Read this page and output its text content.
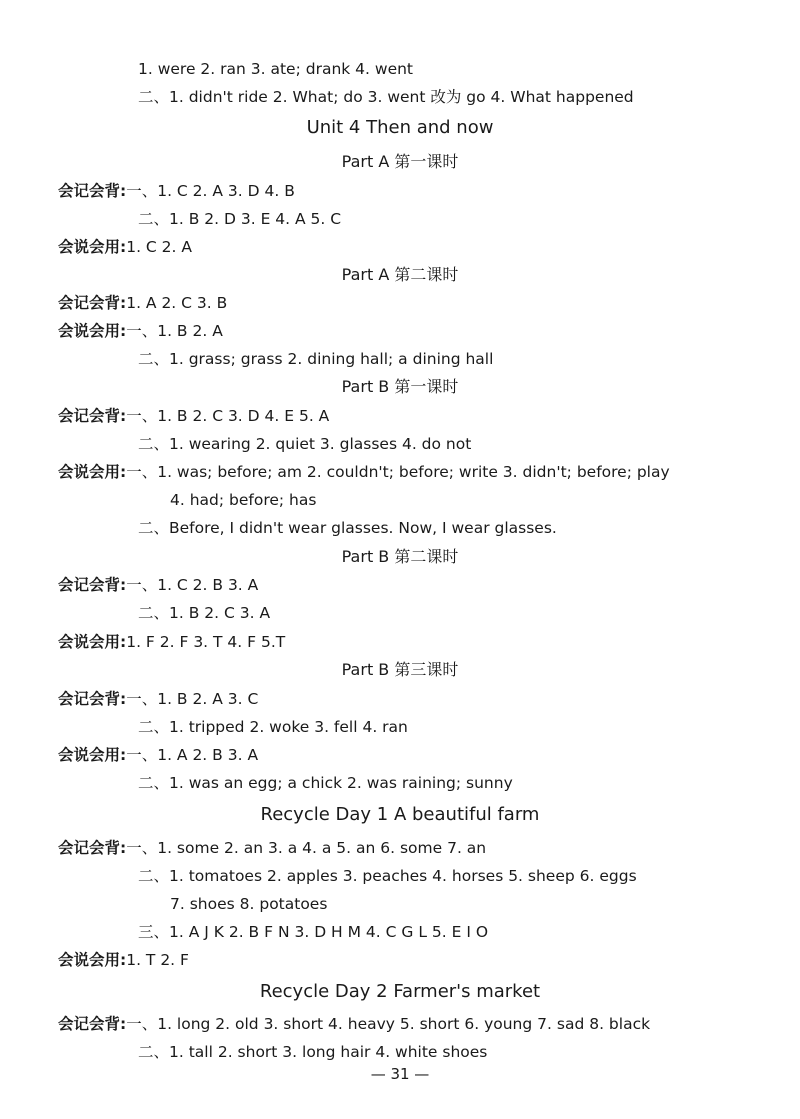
1. were 2. ran 3. ate; drank 4. went
二、1. didn't ride 2. What; do 3. went 改为 go 4. What happened
Unit 4 Then and now
Part A 第一课时
会记会背:一、1. C 2. A 3. D 4. B
二、1. B 2. D 3. E 4. A 5. C
会说会用:1. C 2. A
Part A 第二课时
会记会背:1. A 2. C 3. B
会说会用:一、1. B 2. A
二、1. grass; grass 2. dining hall; a dining hall
Part B 第一课时
会记会背:一、1. B 2. C 3. D 4. E 5. A
二、1. wearing 2. quiet 3. glasses 4. do not
会说会用:一、1. was; before; am 2. couldn't; before; write 3. didn't; before; play
4. had; before; has
二、Before, I didn't wear glasses. Now, I wear glasses.
Part B 第二课时
会记会背:一、1. C 2. B 3. A
二、1. B 2. C 3. A
会说会用:1. F 2. F 3. T 4. F 5.T
Part B 第三课时
会记会背:一、1. B 2. A 3. C
二、1. tripped 2. woke 3. fell 4. ran
会说会用:一、1. A 2. B 3. A
二、1. was an egg; a chick 2. was raining; sunny
Recycle Day 1 A beautiful farm
会记会背:一、1. some 2. an 3. a 4. a 5. an 6. some 7. an
二、1. tomatoes 2. apples 3. peaches 4. horses 5. sheep 6. eggs
7. shoes 8. potatoes
三、1. A J K 2. B F N 3. D H M 4. C G L 5. E I O
会说会用:1. T 2. F
Recycle Day 2 Farmer's market
会记会背:一、1. long 2. old 3. short 4. heavy 5. short 6. young 7. sad 8. black
二、1. tall 2. short 3. long hair 4. white shoes
— 31 —
